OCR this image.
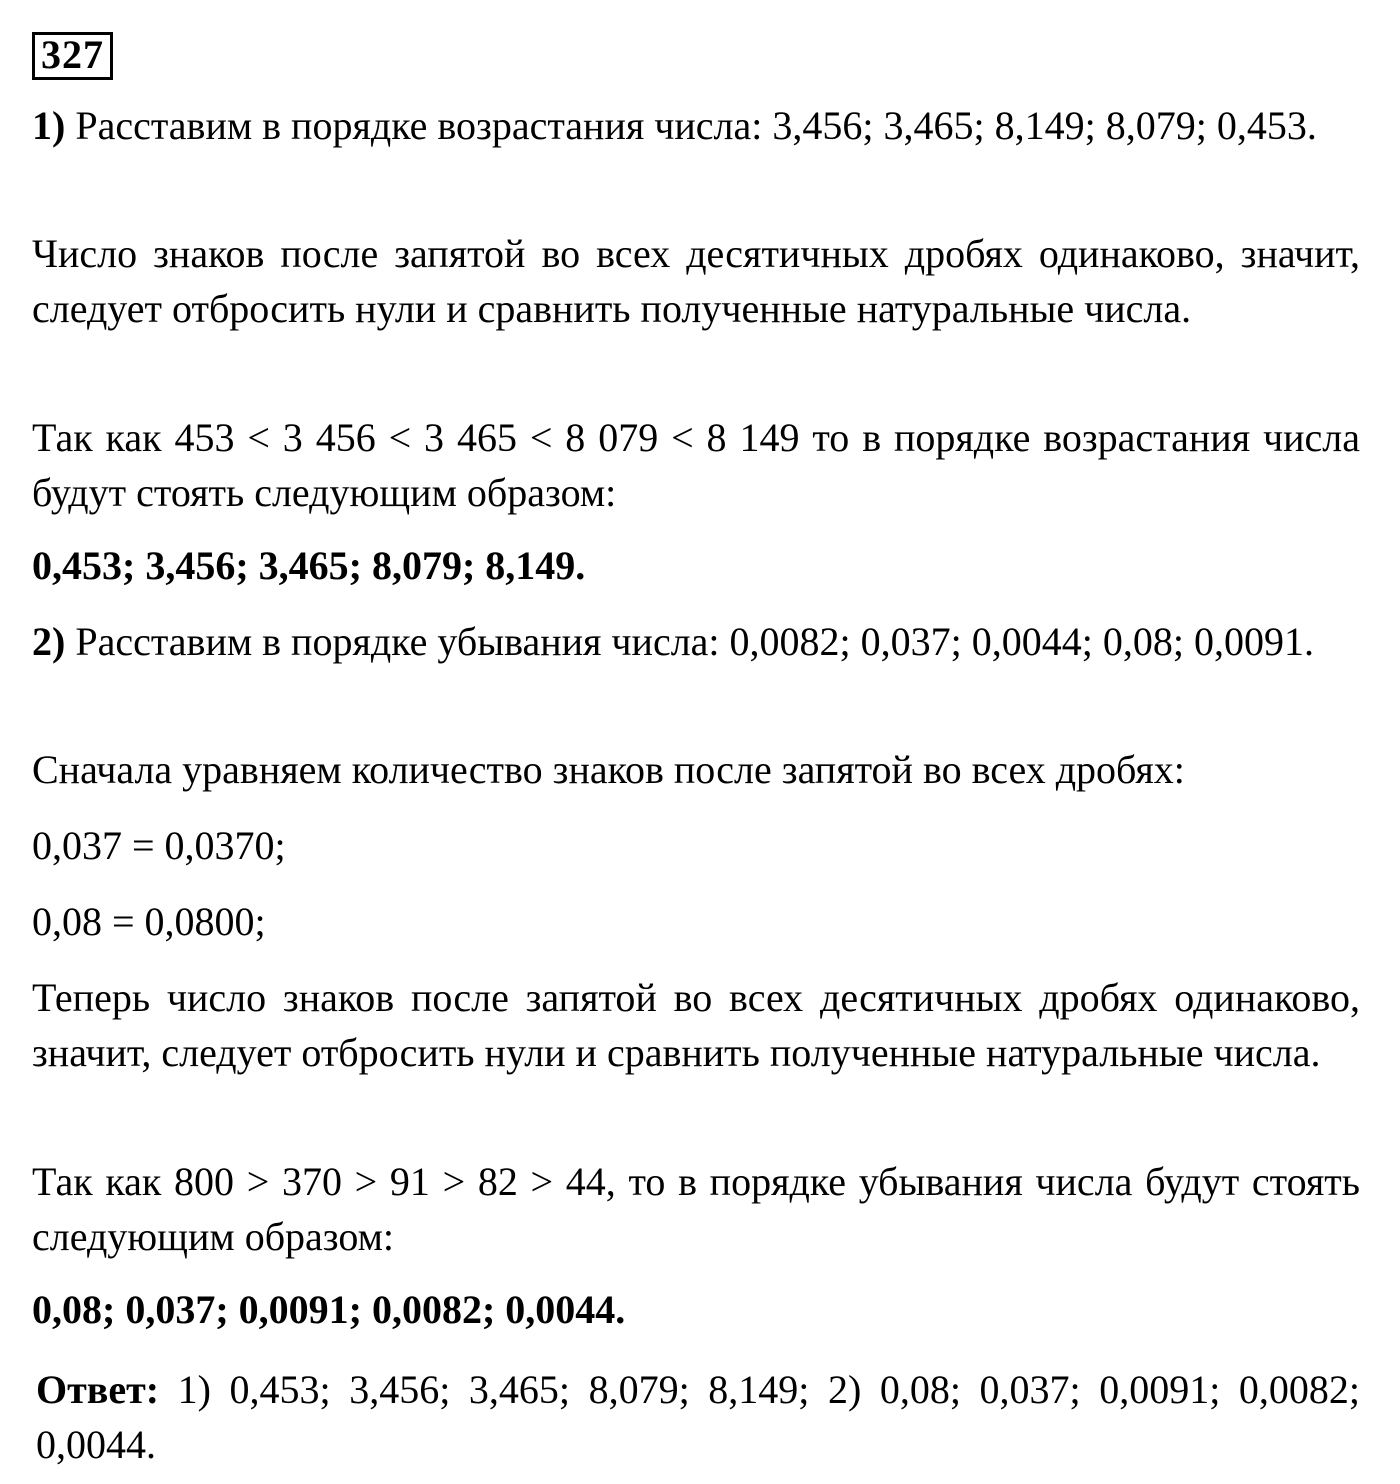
327

1) Расставим в порядке возрастания числа: 3,456; 3,465; 8,149; 8,079; 0,453.

Число знаков после запятой во всех десятичных дробях одинаково, значит, следует отбросить нули и сравнить полученные натуральные числа.

Так как 453 < 3 456 < 3 465 < 8 079 < 8 149 то в порядке возрастания числа будут стоять следующим образом:

0,453; 3,456; 3,465; 8,079; 8,149.

2) Расставим в порядке убывания числа: 0,0082; 0,037; 0,0044; 0,08; 0,0091.

Сначала уравняем количество знаков после запятой во всех дробях:

0,037 = 0,0370;

0,08 = 0,0800;

Теперь число знаков после запятой во всех десятичных дробях одинаково, значит, следует отбросить нули и сравнить полученные натуральные числа.

Так как 800 > 370 > 91 > 82 > 44, то в порядке убывания числа будут стоять следующим образом:

0,08; 0,037; 0,0091; 0,0082; 0,0044.

Ответ: 1) 0,453; 3,456; 3,465; 8,079; 8,149; 2) 0,08; 0,037; 0,0091; 0,0082; 0,0044.
